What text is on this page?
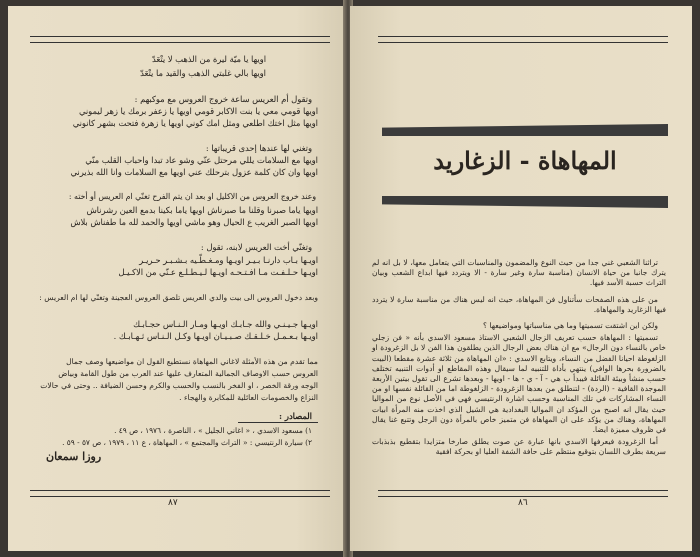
اويها يا ميّة ليرة من الذهب لا يتْعَدّ
اويها بالي غلبتي الذهب والقيد ما يتْعَدّ
وتقول أم العريس ساعة خروج العروس مع موكبهم :
اويها قومي معي يا بنت الاكابر قومي اويها يا زعفر برمك يا زهر ليموني
اويها مثل اختك اطلعي ومثل امك كوني اويها يا زهرة فتحت بشهر كانوني
وتغني لها عندها إحدى قريباتها :
اويها مع السلامات يللي مرحتل عنّي وشو عاد تبدا واحباب القلب منّي
اويها وان كان كلمة عزول بترحلك عني اويها مع السلامات وانا الله بذيرني
وعند خروج العروس من الاكليل او بعد ان يتم الفرح تغنّي ام العريس أو أخته :
اويها ياما صبرنا وقلنا ما صبرناش اويها ياما بكينا بدمع العين رشرناش
اويها الصبر الغريب ع الحيال وهو ماشي اويها والحمد لله ما طفناش بلاش
وتغنّي أخت العريس لابنه، تقول :
اويـها بـاب دارنـا بـيـر اويـها ومـغـطّـيه بـشـبـر حـريـر
اويـها حـلـفـت مـا افـتـحـه اويـها لـيـطـلـع عـنّي من الاكـيـل
وبعد دخول العروس الى بيت والدي العريس تلصق العروس العجينة وتغنّي لها ام العريس :
اويـها جـيـنـي والله جـابـك اويـها ومـار الـنـاس حجـابـك
اويـها بـعـمـل خـلـقـك صـبـيـان اويـها وكـل الـنـاس ثـهـابـك .
مما تقدم من هذه الأمثلة لاغاني المهاهاة نستطيع القول ان مواضيعها وصف جمال
العروس حسب الاوصاف الجمالية المتعارف عليها عند العرب من طول القامة وبياض
الوجه ورقة الخصر ، او الفخر بالنسب والحسب والكرم وحسن الضيافة .. وحتى في حالات
النزاع والخصومات العائلية للمكابرة والهجاء .
المصادر :
١) مسعود الاسدي ، « اغاني الجليل » ، الناصرة ، ١٩٧٦ ، ص ٤٩ .
٢) سيارة الرنتيسي : « التراث والمجتمع » ، المهاهاة ، ع ١١ ، ١٩٧٩ ، ص ٥٧ - ٥٩ .
روزا سمعان
٨٧
المهاهاة - الزغاريد

تراثنا الشعبي غني جدا من حيث النوع والمضمون والمناسبات التي يتعامل معها، لا بل انه لم يترك جانبا من حياة الانسان (مناسبة سارة وغير سارة - الا ويتردد فيها ابداع الشعب وبيان التراث حسبة الأسد فيها.

من على هذه الصفحات سأتناول فن المهاهاة، حيث انه ليس هناك من مناسبة سارة لا يتردد فيها الزغاريد والمهاهاة.

ولكن اين اشتقت تسميتها وما هي مناسباتها ومواضيعها ؟

تسميتها : المهاهاة حسب تعريف الزجال الشعبي الاستاذ مسعود الاسدي بأنه « فن زجلي خاص بالنساء دون الرجال» مع ان هناك بعض الرجال الذين يطلقون هذا الفن لا بل الزغرودة او الزلغوطة احيانا الفضل من النساء، ويتابع الاسدي : «ان المهاهاة من ثلاثة عشرة مقطعا (البيت بالضرورة بحرها الوافي) ينتهي بأداة للتنبيه لما سيقال وهذه المقاطع او أدوات التنبيه تختلف حسب منشأ وبيئة القائلة فيبدأ ب هي - آ - ي - ها - اويها - وبعدها تشرع الى تقول بيتين الأربعة الموجدة القافية - (الردة) - لتنطلق من بعدها الزغرودة - الزلغوطة اما من القائلة نفسها او من النساء المشاركات في تلك المناسبة وحسب اشارة الرنتيسي فهي في الأصل نوع من المواليا حيث يقال انه اصبح من المؤكد ان المواليا البغدادية هي الشيل الذي اخذت منه المرأة ابيات المهاهاة، وهناك من يؤكد على ان المهاهاة فن متميز خاص بالمرأة دون الرجل وتتبع غنا يقال في ظروف مميزة ايضا.

أما الزغرودة فيعرفها الاسدي بانها عبارة عن صوت يطلق صارخا متزايدا بتقطيع بذبذبات سريعة بطرف اللسان بتوقيع منتظم على حافة الشفة العليا او بحركة افقية

٨٦
